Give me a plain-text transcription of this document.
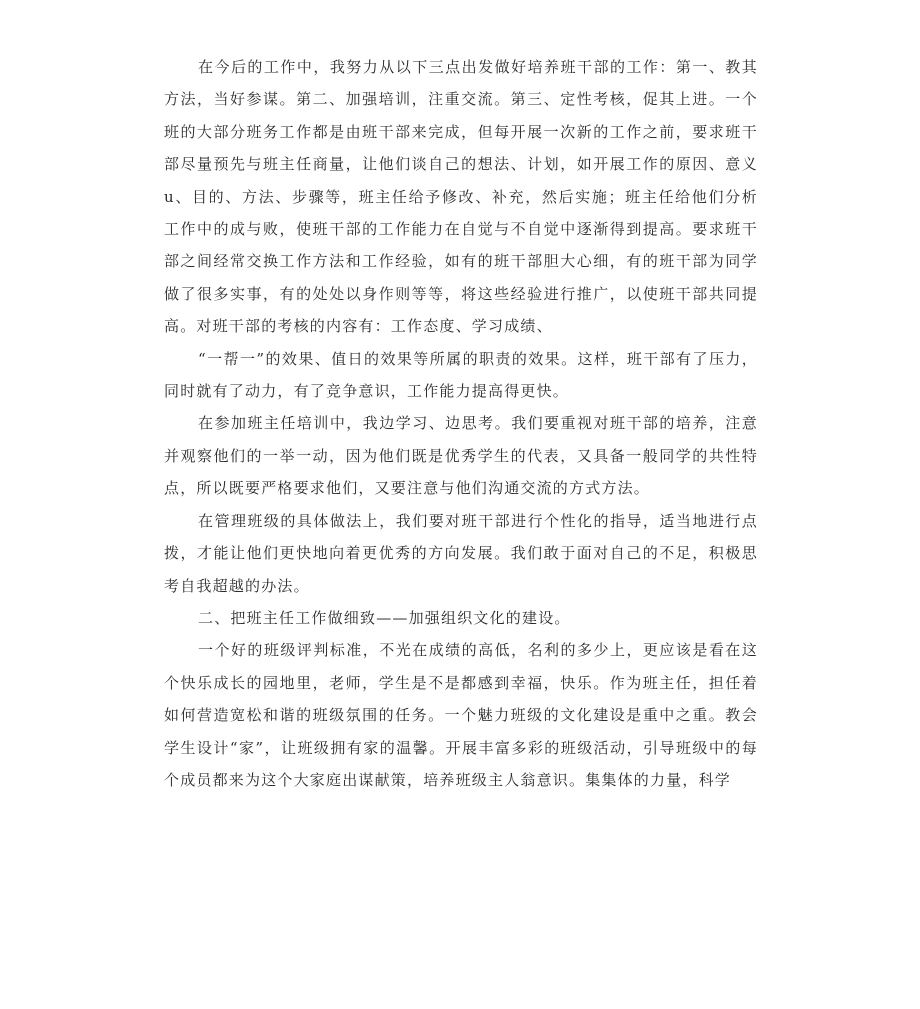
在今后的工作中，我努力从以下三点出发做好培养班干部的工作：第一、教其方法，当好参谋。第二、加强培训，注重交流。第三、定性考核，促其上进。一个班的大部分班务工作都是由班干部来完成，但每开展一次新的工作之前，要求班干部尽量预先与班主任商量，让他们谈自己的想法、计划，如开展工作的原因、意义u、目的、方法、步骤等，班主任给予修改、补充，然后实施；班主任给他们分析工作中的成与败，使班干部的工作能力在自觉与不自觉中逐渐得到提高。要求班干部之间经常交换工作方法和工作经验，如有的班干部胆大心细，有的班干部为同学做了很多实事，有的处处以身作则等等，将这些经验进行推广，以使班干部共同提高。对班干部的考核的内容有：工作态度、学习成绩、

“一帮一”的效果、值日的效果等所属的职责的效果。这样，班干部有了压力，同时就有了动力，有了竞争意识，工作能力提高得更快。

在参加班主任培训中，我边学习、边思考。我们要重视对班干部的培养，注意并观察他们的一举一动，因为他们既是优秀学生的代表，又具备一般同学的共性特点，所以既要严格要求他们，又要注意与他们沟通交流的方式方法。

在管理班级的具体做法上，我们要对班干部进行个性化的指导，适当地进行点拨，才能让他们更快地向着更优秀的方向发展。我们敢于面对自己的不足，积极思考自我超越的办法。

二、把班主任工作做细致——加强组织文化的建设。

一个好的班级评判标准，不光在成绩的高低，名利的多少上，更应该是看在这个快乐成长的园地里，老师，学生是不是都感到幸福，快乐。作为班主任，担任着如何营造宽松和谐的班级氛围的任务。一个魅力班级的文化建设是重中之重。教会学生设计“家”，让班级拥有家的温馨。开展丰富多彩的班级活动，引导班级中的每个成员都来为这个大家庭出谋献策，培养班级主人翁意识。集集体的力量，科学
